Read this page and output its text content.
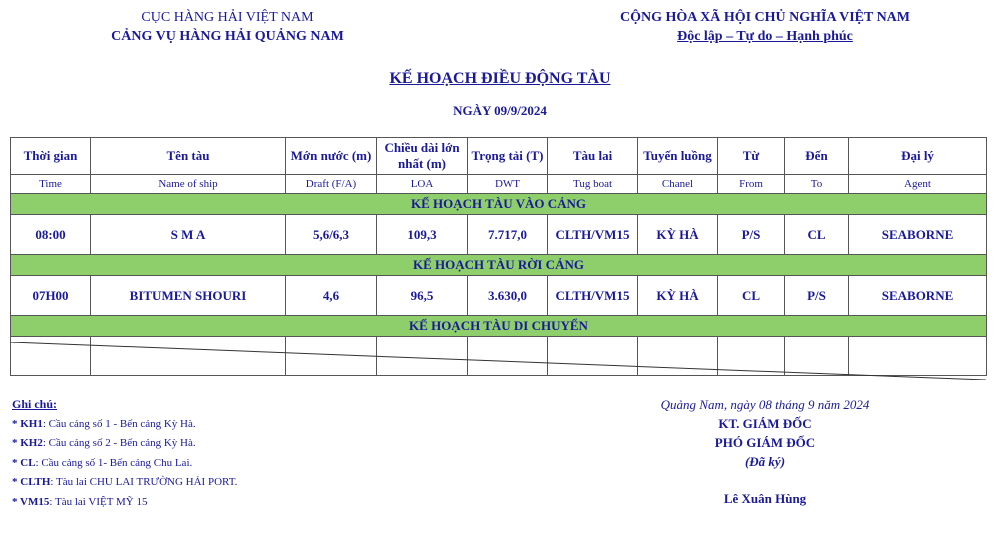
CỤC HÀNG HẢI VIỆT NAM
CẢNG VỤ HÀNG HẢI QUẢNG NAM
CỘNG HÒA XÃ HỘI CHỦ NGHĨA VIỆT NAM
Độc lập – Tự do – Hạnh phúc
KẾ HOẠCH ĐIỀU ĐỘNG TÀU
NGÀY 09/9/2024
Thời gian	Tên tàu	Mớn nước (m)	Chiều dài lớn nhất (m)	Trọng tải (T)	Tàu lai	Tuyến luồng	Từ	Đến	Đại lý
Time	Name of ship	Draft (F/A)	LOA	DWT	Tug boat	Chanel	From	To	Agent
KẾ HOẠCH TÀU VÀO CẢNG									
08:00	S M A	5,6/6,3	109,3	7.717,0	CLTH/VM15	KỲ HÀ	P/S	CL	SEABORNE
KẾ HOẠCH TÀU RỜI CẢNG									
07H00	BITUMEN SHOURI	4,6	96,5	3.630,0	CLTH/VM15	KỲ HÀ	CL	P/S	SEABORNE
KẾ HOẠCH TÀU DI CHUYỂN									

Ghi chú:
* KH1: Cầu cảng số 1 - Bến cảng Kỳ Hà.
* KH2: Cầu cảng số 2 - Bến cảng Kỳ Hà.
* CL: Cầu cảng số 1- Bến cảng Chu Lai.
* CLTH: Tàu lai CHU LAI TRƯỜNG HẢI PORT.
* VM15: Tàu lai VIỆT MỸ 15
Quảng Nam, ngày 08 tháng 9 năm 2024
KT. GIÁM ĐỐC
PHÓ GIÁM ĐỐC
(Đã ký)
Lê Xuân Hùng
